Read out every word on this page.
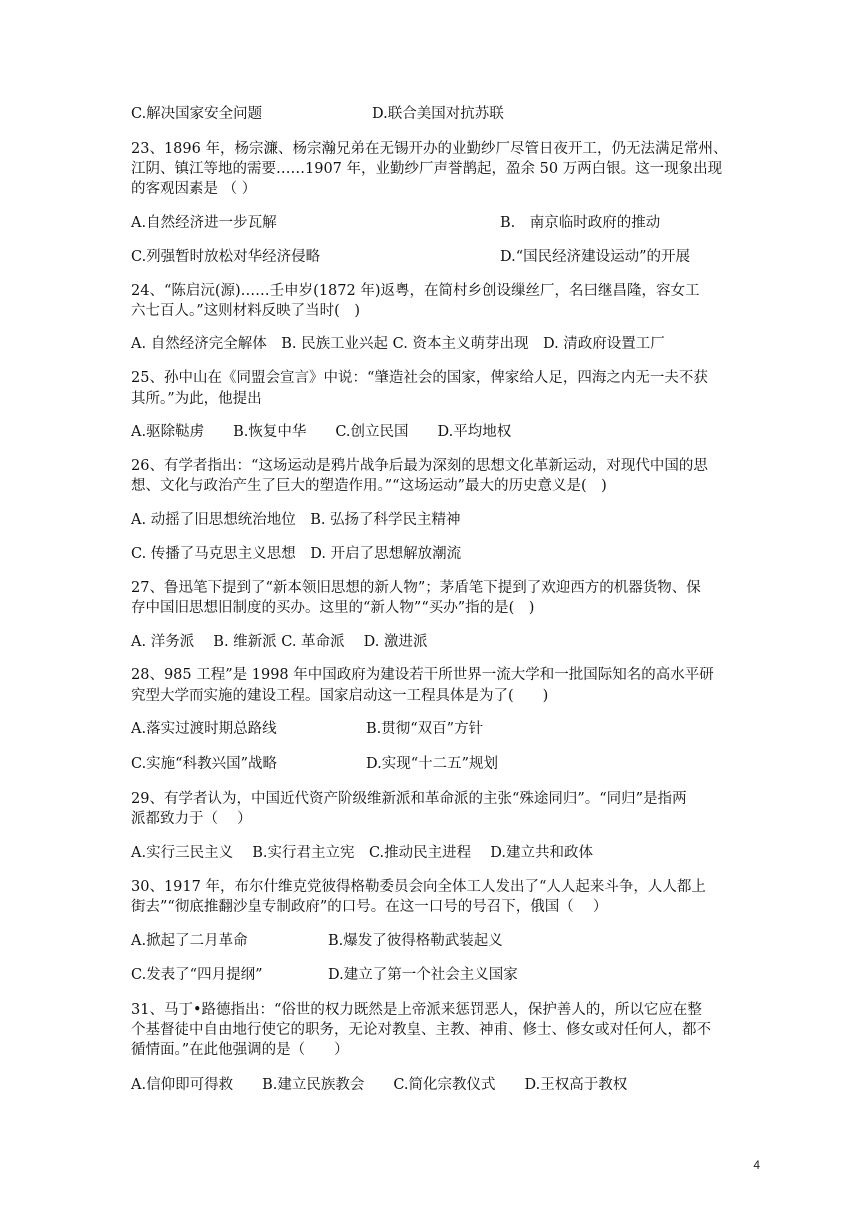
C.解决国家安全问题	D.联合美国对抗苏联
23、1896 年，杨宗濂、杨宗瀚兄弟在无锡开办的业勤纱厂尽管日夜开工，仍无法满足常州、
江阴、镇江等地的需要……1907 年，业勤纱厂声誉鹊起，盈余 50 万两白银。这一现象出现
的客观因素是 （ ）
A.自然经济进一步瓦解	B.　南京临时政府的推动
C.列强暂时放松对华经济侵略	D.“国民经济建设运动”的开展
24、“陈启沅(源)……壬申岁(1872 年)返粤，在简村乡创设缫丝厂，名曰继昌隆，容女工
六七百人。”这则材料反映了当时(　)
A. 自然经济完全解体　B. 民族工业兴起 C. 资本主义萌芽出现　D. 清政府设置工厂
25、孙中山在《同盟会宣言》中说：“肇造社会的国家，俾家给人足，四海之内无一夫不获
其所。”为此，他提出
A.驱除鞑虏　　B.恢复中华　　C.创立民国　　D.平均地权
26、有学者指出：“这场运动是鸦片战争后最为深刻的思想文化革新运动，对现代中国的思
想、文化与政治产生了巨大的塑造作用。”“这场运动”最大的历史意义是(　)
A. 动摇了旧思想统治地位　B. 弘扬了科学民主精神
C. 传播了马克思主义思想　D. 开启了思想解放潮流
27、鲁迅笔下提到了“新本领旧思想的新人物”；茅盾笔下提到了欢迎西方的机器货物、保
存中国旧思想旧制度的买办。这里的“新人物”“买办”指的是(　)
A. 洋务派　 B. 维新派 C. 革命派　 D. 激进派
28、985 工程”是 1998 年中国政府为建设若干所世界一流大学和一批国际知名的高水平研
究型大学而实施的建设工程。国家启动这一工程具体是为了(　　)
A.落实过渡时期总路线	B.贯彻“双百”方针
C.实施“科教兴国”战略	D.实现“十二五”规划
29、有学者认为，中国近代资产阶级维新派和革命派的主张“殊途同归”。“同归”是指两
派都致力于（　 ）
A.实行三民主义　 B.实行君主立宪　C.推动民主进程　 D.建立共和政体
30、1917 年，布尔什维克党彼得格勒委员会向全体工人发出了“人人起来斗争，人人都上
街去”“彻底推翻沙皇专制政府”的口号。在这一口号的号召下，俄国（　 ）
A.掀起了二月革命	B.爆发了彼得格勒武装起义
C.发表了“四月提纲”	D.建立了第一个社会主义国家
31、马丁•路德指出：“俗世的权力既然是上帝派来惩罚恶人，保护善人的，所以它应在整
个基督徒中自由地行使它的职务，无论对教皇、主教、神甫、修士、修女或对任何人，都不
循情面。”在此他强调的是（　　）
A.信仰即可得救　　B.建立民族教会　　C.简化宗教仪式　　D.王权高于教权
4
